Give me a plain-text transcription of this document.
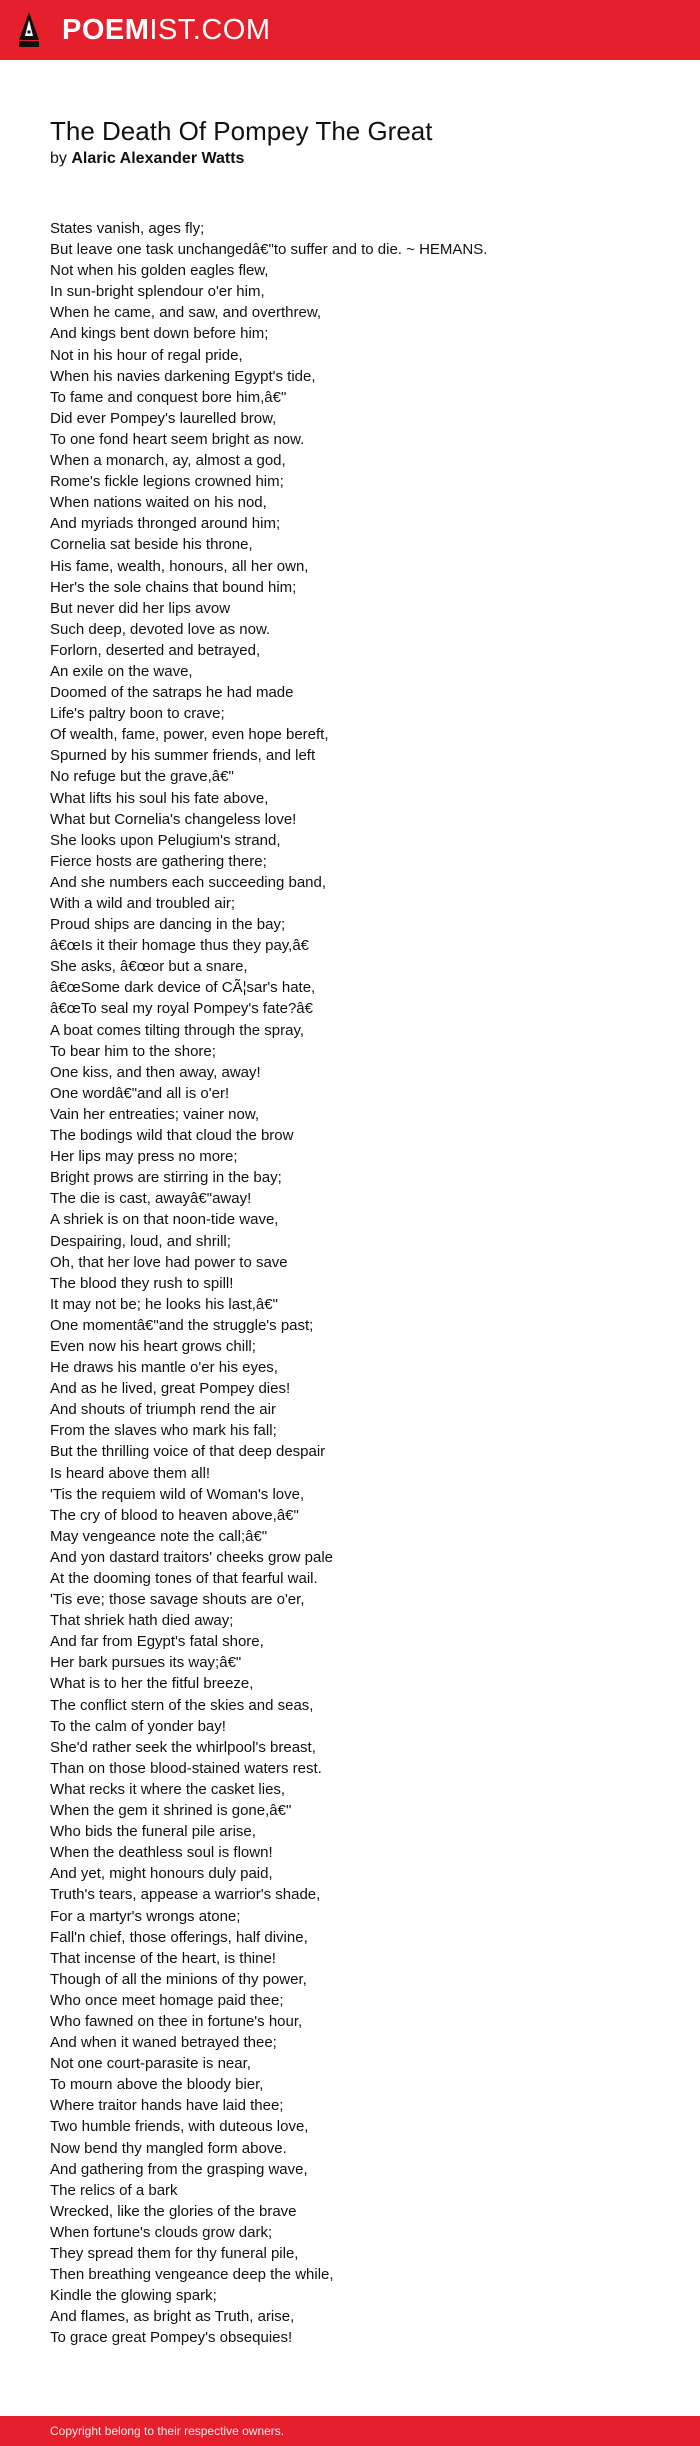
POEMIST.COM
The Death Of Pompey The Great
by Alaric Alexander Watts
States vanish, ages fly;
But leave one task unchangedâ€"to suffer and to die. ~ HEMANS.
Not when his golden eagles flew,
In sun-bright splendour o'er him,
When he came, and saw, and overthrew,
And kings bent down before him;
Not in his hour of regal pride,
When his navies darkening Egypt's tide,
To fame and conquest bore him,â€"
Did ever Pompey's laurelled brow,
To one fond heart seem bright as now.
When a monarch, ay, almost a god,
Rome's fickle legions crowned him;
When nations waited on his nod,
And myriads thronged around him;
Cornelia sat beside his throne,
His fame, wealth, honours, all her own,
Her's the sole chains that bound him;
But never did her lips avow
Such deep, devoted love as now.
Forlorn, deserted and betrayed,
An exile on the wave,
Doomed of the satraps he had made
Life's paltry boon to crave;
Of wealth, fame, power, even hope bereft,
Spurned by his summer friends, and left
No refuge but the grave,â€"
What lifts his soul his fate above,
What but Cornelia's changeless love!
She looks upon Pelugium's strand,
Fierce hosts are gathering there;
And she numbers each succeeding band,
With a wild and troubled air;
Proud ships are dancing in the bay;
â€œIs it their homage thus they pay,â€
She asks, â€œor but a snare,
â€œSome dark device of CÃ¦sar's hate,
â€œTo seal my royal Pompey's fate?â€
A boat comes tilting through the spray,
To bear him to the shore;
One kiss, and then away, away!
One wordâ€"and all is o'er!
Vain her entreaties; vainer now,
The bodings wild that cloud the brow
Her lips may press no more;
Bright prows are stirring in the bay;
The die is cast, awayâ€"away!
A shriek is on that noon-tide wave,
Despairing, loud, and shrill;
Oh, that her love had power to save
The blood they rush to spill!
It may not be; he looks his last,â€"
One momentâ€"and the struggle's past;
Even now his heart grows chill;
He draws his mantle o'er his eyes,
And as he lived, great Pompey dies!
And shouts of triumph rend the air
From the slaves who mark his fall;
But the thrilling voice of that deep despair
Is heard above them all!
'Tis the requiem wild of Woman's love,
The cry of blood to heaven above,â€"
May vengeance note the call;â€"
And yon dastard traitors' cheeks grow pale
At the dooming tones of that fearful wail.
'Tis eve; those savage shouts are o'er,
That shriek hath died away;
And far from Egypt's fatal shore,
Her bark pursues its way;â€"
What is to her the fitful breeze,
The conflict stern of the skies and seas,
To the calm of yonder bay!
She'd rather seek the whirlpool's breast,
Than on those blood-stained waters rest.
What recks it where the casket lies,
When the gem it shrined is gone,â€"
Who bids the funeral pile arise,
When the deathless soul is flown!
And yet, might honours duly paid,
Truth's tears, appease a warrior's shade,
For a martyr's wrongs atone;
Fall'n chief, those offerings, half divine,
That incense of the heart, is thine!
Though of all the minions of thy power,
Who once meet homage paid thee;
Who fawned on thee in fortune's hour,
And when it waned betrayed thee;
Not one court-parasite is near,
To mourn above the bloody bier,
Where traitor hands have laid thee;
Two humble friends, with duteous love,
Now bend thy mangled form above.
And gathering from the grasping wave,
The relics of a bark
Wrecked, like the glories of the brave
When fortune's clouds grow dark;
They spread them for thy funeral pile,
Then breathing vengeance deep the while,
Kindle the glowing spark;
And flames, as bright as Truth, arise,
To grace great Pompey's obsequies!
Copyright belong to their respective owners.
